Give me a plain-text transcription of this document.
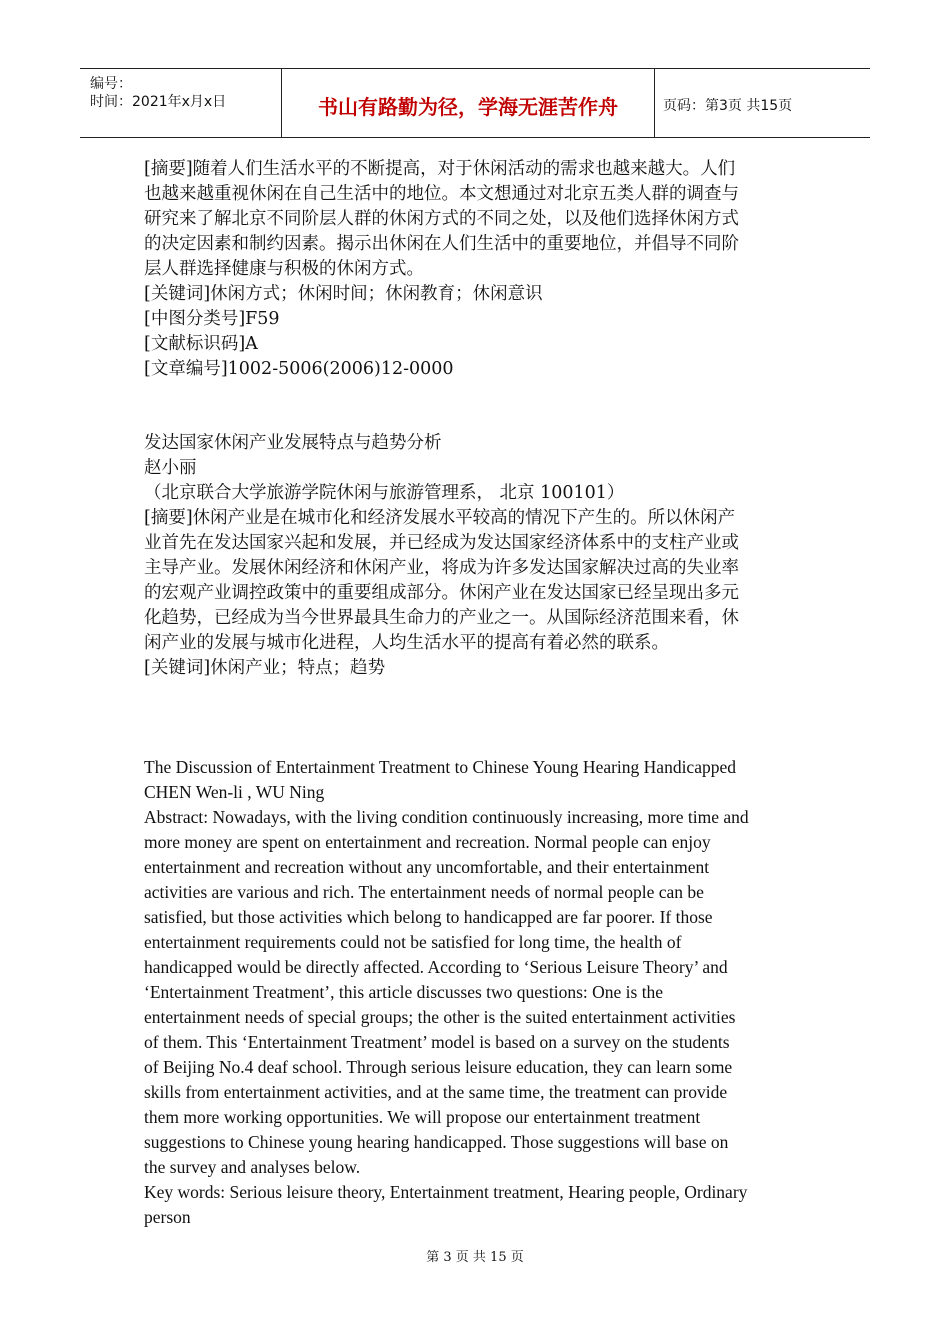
编号：
时间：2021年x月x日	书山有路勤为径，学海无涯苦作舟	页码：第3页 共15页
[摘要]随着人们生活水平的不断提高，对于休闲活动的需求也越来越大。人们
也越来越重视休闲在自己生活中的地位。本文想通过对北京五类人群的调查与
研究来了解北京不同阶层人群的休闲方式的不同之处，以及他们选择休闲方式
的决定因素和制约因素。揭示出休闲在人们生活中的重要地位，并倡导不同阶
层人群选择健康与积极的休闲方式。
[关键词]休闲方式；休闲时间；休闲教育；休闲意识
[中图分类号]F59
[文献标识码]A
[文章编号]1002-5006(2006)12-0000
发达国家休闲产业发展特点与趋势分析
赵小丽
（北京联合大学旅游学院休闲与旅游管理系， 北京 100101）
[摘要]休闲产业是在城市化和经济发展水平较高的情况下产生的。所以休闲产
业首先在发达国家兴起和发展，并已经成为发达国家经济体系中的支柱产业或
主导产业。发展休闲经济和休闲产业，将成为许多发达国家解决过高的失业率
的宏观产业调控政策中的重要组成部分。休闲产业在发达国家已经呈现出多元
化趋势，已经成为当今世界最具生命力的产业之一。从国际经济范围来看，休
闲产业的发展与城市化进程，人均生活水平的提高有着必然的联系。
[关键词]休闲产业；特点；趋势
The Discussion of Entertainment Treatment to Chinese Young Hearing Handicapped
CHEN Wen-li , WU Ning
Abstract: Nowadays, with the living condition continuously increasing, more time and
more money are spent on entertainment and recreation. Normal people can enjoy
entertainment and recreation without any uncomfortable, and their entertainment
activities are various and rich. The entertainment needs of normal people can be
satisfied, but those activities which belong to handicapped are far poorer. If those
entertainment requirements could not be satisfied for long time, the health of
handicapped would be directly affected. According to ‘Serious Leisure Theory’ and
‘Entertainment Treatment’, this article discusses two questions: One is the
entertainment needs of special groups; the other is the suited entertainment activities
of them. This ‘Entertainment Treatment’ model is based on a survey on the students
of Beijing No.4 deaf school. Through serious leisure education, they can learn some
skills from entertainment activities, and at the same time, the treatment can provide
them more working opportunities. We will propose our entertainment treatment
suggestions to Chinese young hearing handicapped. Those suggestions will base on
the survey and analyses below.
Key words: Serious leisure theory, Entertainment treatment, Hearing people, Ordinary
person
第 3 页 共 15 页
